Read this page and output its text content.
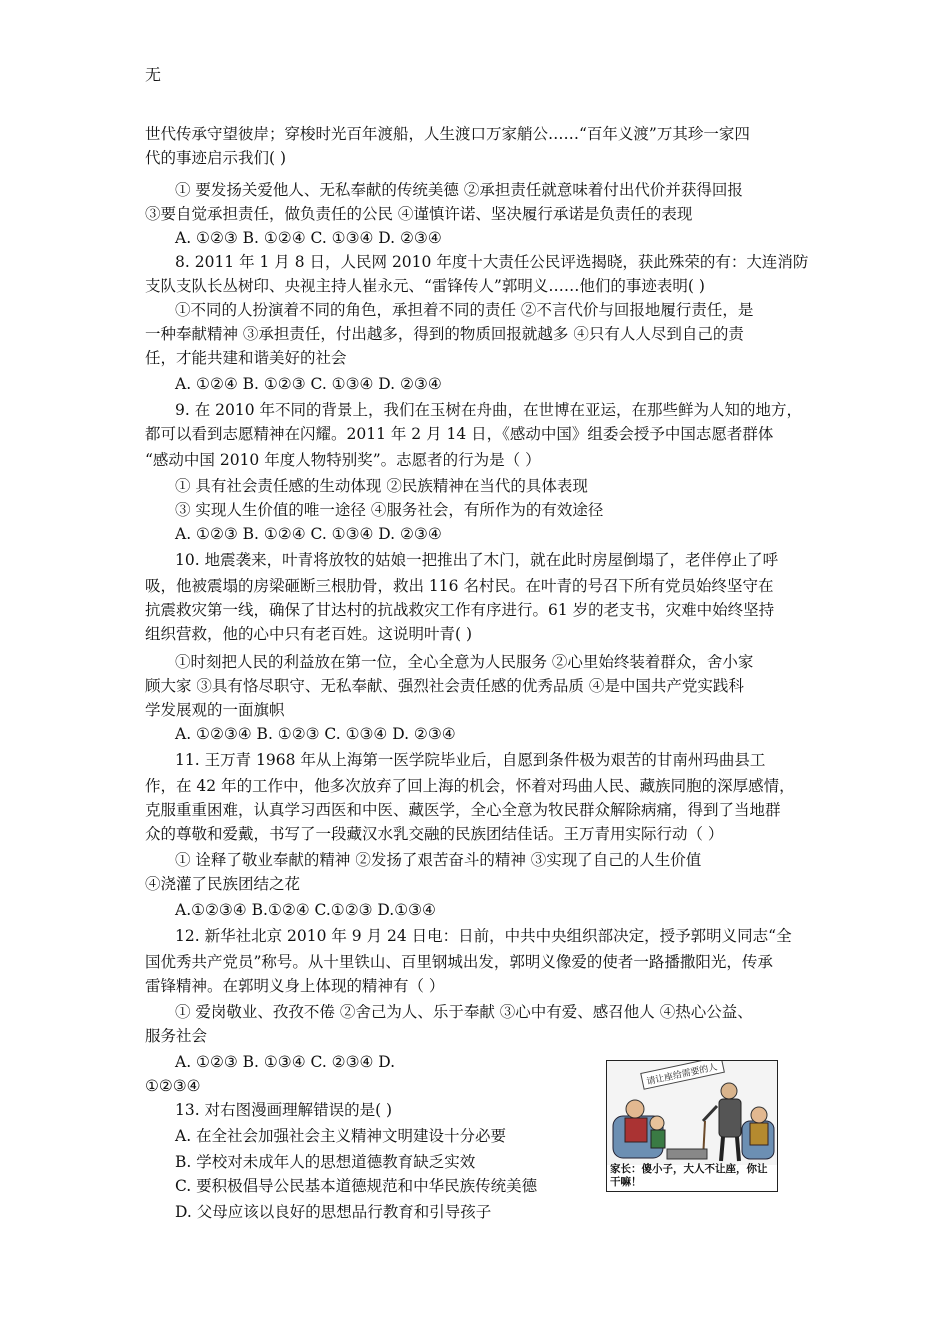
无
世代传承守望彼岸；穿梭时光百年渡船，人生渡口万家艄公……“百年义渡”万其珍一家四
代的事迹启示我们( )
① 要发扬关爱他人、无私奉献的传统美德 ②承担责任就意味着付出代价并获得回报
③要自觉承担责任，做负责任的公民 ④谨慎许诺、坚决履行承诺是负责任的表现
A. ①②③ B. ①②④ C. ①③④ D. ②③④
8. 2011 年 1 月 8 日，人民网 2010 年度十大责任公民评选揭晓，获此殊荣的有：大连消防
支队支队长丛树印、央视主持人崔永元、“雷锋传人”郭明义……他们的事迹表明( )
①不同的人扮演着不同的角色，承担着不同的责任 ②不言代价与回报地履行责任，是
一种奉献精神 ③承担责任，付出越多，得到的物质回报就越多 ④只有人人尽到自己的责
任，才能共建和谐美好的社会
A. ①②④ B. ①②③ C. ①③④ D. ②③④
9. 在 2010 年不同的背景上，我们在玉树在舟曲，在世博在亚运，在那些鲜为人知的地方，
都可以看到志愿精神在闪耀。2011 年 2 月 14 日，《感动中国》组委会授予中国志愿者群体
“感动中国 2010 年度人物特别奖”。志愿者的行为是（ ）
① 具有社会责任感的生动体现 ②民族精神在当代的具体表现
③ 实现人生价值的唯一途径 ④服务社会，有所作为的有效途径
A. ①②③ B. ①②④ C. ①③④ D. ②③④
10. 地震袭来，叶青将放牧的姑娘一把推出了木门，就在此时房屋倒塌了，老伴停止了呼
吸，他被震塌的房梁砸断三根肋骨，救出 116 名村民。在叶青的号召下所有党员始终坚守在
抗震救灾第一线，确保了甘达村的抗战救灾工作有序进行。61 岁的老支书，灾难中始终坚持
组织营救，他的心中只有老百姓。这说明叶青( )
①时刻把人民的利益放在第一位，全心全意为人民服务 ②心里始终装着群众，舍小家
顾大家 ③具有恪尽职守、无私奉献、强烈社会责任感的优秀品质 ④是中国共产党实践科
学发展观的一面旗帜
A. ①②③④ B. ①②③ C. ①③④ D. ②③④
11. 王万青 1968 年从上海第一医学院毕业后，自愿到条件极为艰苦的甘南州玛曲县工
作，在 42 年的工作中，他多次放弃了回上海的机会，怀着对玛曲人民、藏族同胞的深厚感情，
克服重重困难，认真学习西医和中医、藏医学，全心全意为牧民群众解除病痛，得到了当地群
众的尊敬和爱戴，书写了一段藏汉水乳交融的民族团结佳话。王万青用实际行动（ ）
① 诠释了敬业奉献的精神 ②发扬了艰苦奋斗的精神 ③实现了自己的人生价值
④浇灌了民族团结之花
A.①②③④ B.①②④ C.①②③ D.①③④
12. 新华社北京 2010 年 9 月 24 日电：日前，中共中央组织部决定，授予郭明义同志“全
国优秀共产党员”称号。从十里铁山、百里钢城出发，郭明义像爱的使者一路播撒阳光，传承
雷锋精神。在郭明义身上体现的精神有（ ）
① 爱岗敬业、孜孜不倦 ②舍己为人、乐于奉献 ③心中有爱、感召他人 ④热心公益、
服务社会
A. ①②③ B. ①③④ C. ②③④ D.
①②③④
13. 对右图漫画理解错误的是( )
A. 在全社会加强社会主义精神文明建设十分必要
B. 学校对未成年人的思想道德教育缺乏实效
C. 要积极倡导公民基本道德规范和中华民族传统美德
D. 父母应该以良好的思想品行教育和引导孩子
请让座给需要的人
家长：傻小子，大人不让座，你让干嘛！
